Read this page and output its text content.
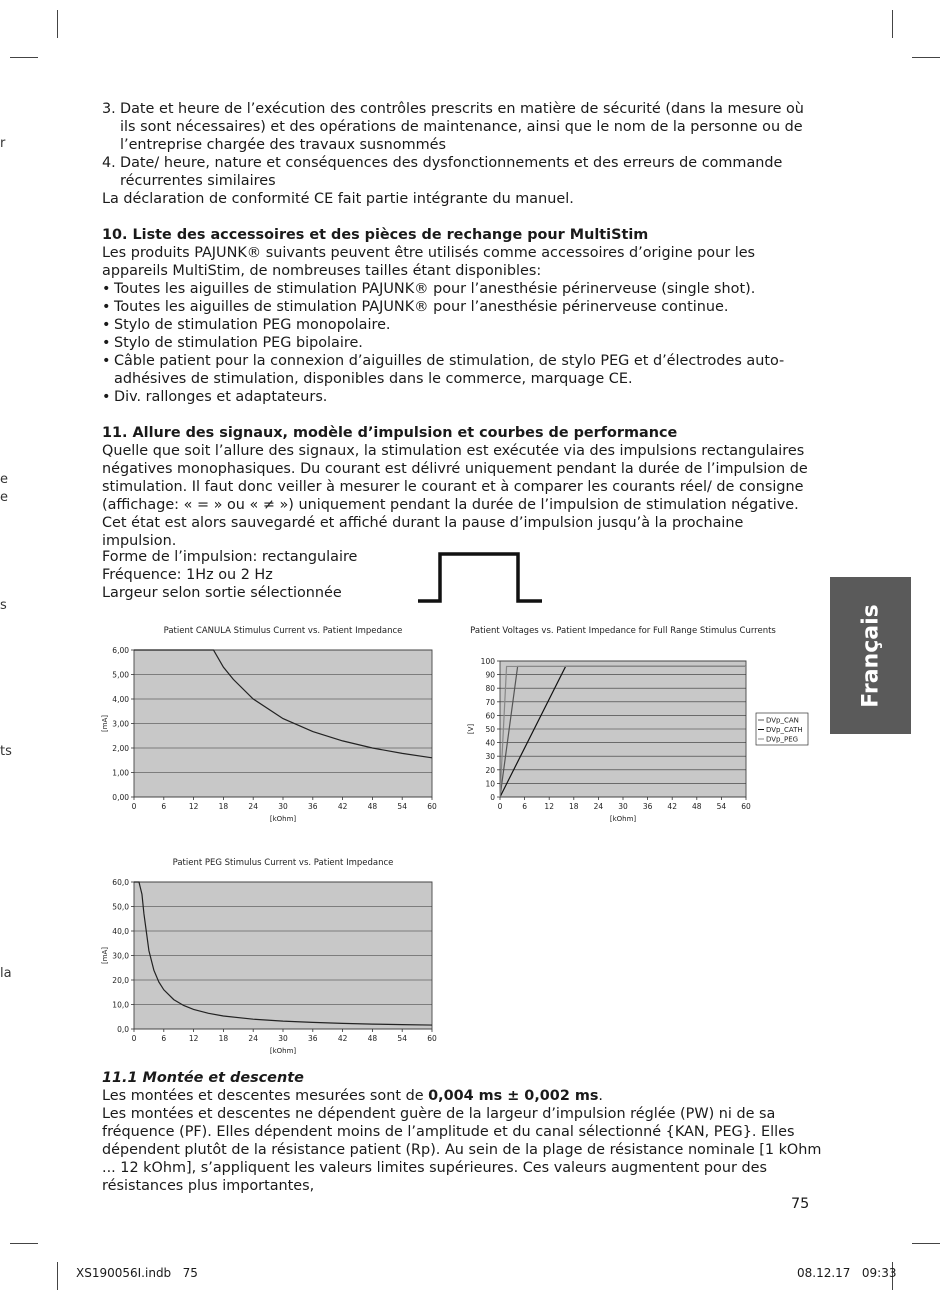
r
e
e
s
ts
la
3. Date et heure de l’exécution des contrôles prescrits en matière de sécurité (dans la mesure où ils sont nécessaires) et des opérations de maintenance, ainsi que le nom de la personne ou de l’entreprise chargée des travaux susnommés
4. Date/ heure, nature et conséquences des dysfonctionnements et des erreurs de commande récurrentes similaires

La déclaration de conformité CE fait partie intégrante du manuel.

10. Liste des accessoires et des pièces de rechange pour MultiStim

Les produits PAJUNK® suivants peuvent être utilisés comme accessoires d’origine pour les appareils MultiStim, de nombreuses tailles étant disponibles:

• Toutes les aiguilles de stimulation PAJUNK® pour l’anesthésie périnerveuse (single shot).
• Toutes les aiguilles de stimulation PAJUNK® pour l’anesthésie périnerveuse continue.
• Stylo de stimulation PEG monopolaire.
• Stylo de stimulation PEG bipolaire.
• Câble patient pour la connexion d’aiguilles de stimulation, de stylo PEG et d’électrodes auto-adhésives de stimulation, disponibles dans le commerce, marquage CE.
• Div. rallonges et adaptateurs.
11. Allure des signaux, modèle d’impulsion et courbes de performance

Quelle que soit l’allure des signaux, la stimulation est exécutée via des impulsions rectangulaires négatives monophasiques. Du courant est délivré uniquement pendant la durée de l’impulsion de stimulation. Il faut donc veiller à mesurer le courant et à comparer les courants réel/ de consigne (affichage: « = » ou « ≠ ») uniquement pendant la durée de l’impulsion de stimulation négative. Cet état est alors sauvegardé et affiché durant la pause d’impulsion jusqu’à la prochaine impulsion.

Forme de l’impulsion: rectangulaire
Fréquence: 1Hz ou 2 Hz
Largeur selon sortie sélectionnée
Patient CANULA Stimulus Current vs. Patient Impedance
0,00
1,00
2,00
3,00
4,00
5,00
6,00
0	6	12	18	24	30	36	42	48	54	60
[kOhm]
[mA]
Patient Voltages vs. Patient Impedance for Full Range Stimulus Currents
0
10
20
30
40
50
60
70
80
90
100
0	6 12 18 24 30 36 42 48 54 60
[kOhm]
[V]
DVp_CAN
DVp_CATH
DVp_PEG
Patient PEG Stimulus Current vs. Patient Impedance
0,0
10,0
20,0
30,0
40,0
50,0
60,0
0	6	12	18	24	30	36	42	48	54	60
[kOhm]
[mA]
Français

11.1 Montée et descente

Les montées et descentes mesurées sont de 0,004 ms ± 0,002 ms.

Les montées et descentes ne dépendent guère de la largeur d’impulsion réglée (PW) ni de sa fréquence (PF). Elles dépendent moins de l’amplitude et du canal sélectionné {KAN, PEG}. Elles dépendent plutôt de la résistance patient (Rp). Au sein de la plage de résistance nominale [1 kOhm ... 12 kOhm], s’appliquent les valeurs limites supérieures. Ces valeurs augmentent pour des résistances plus importantes,

75
XS190056I.indb   75	08.12.17   09:33
